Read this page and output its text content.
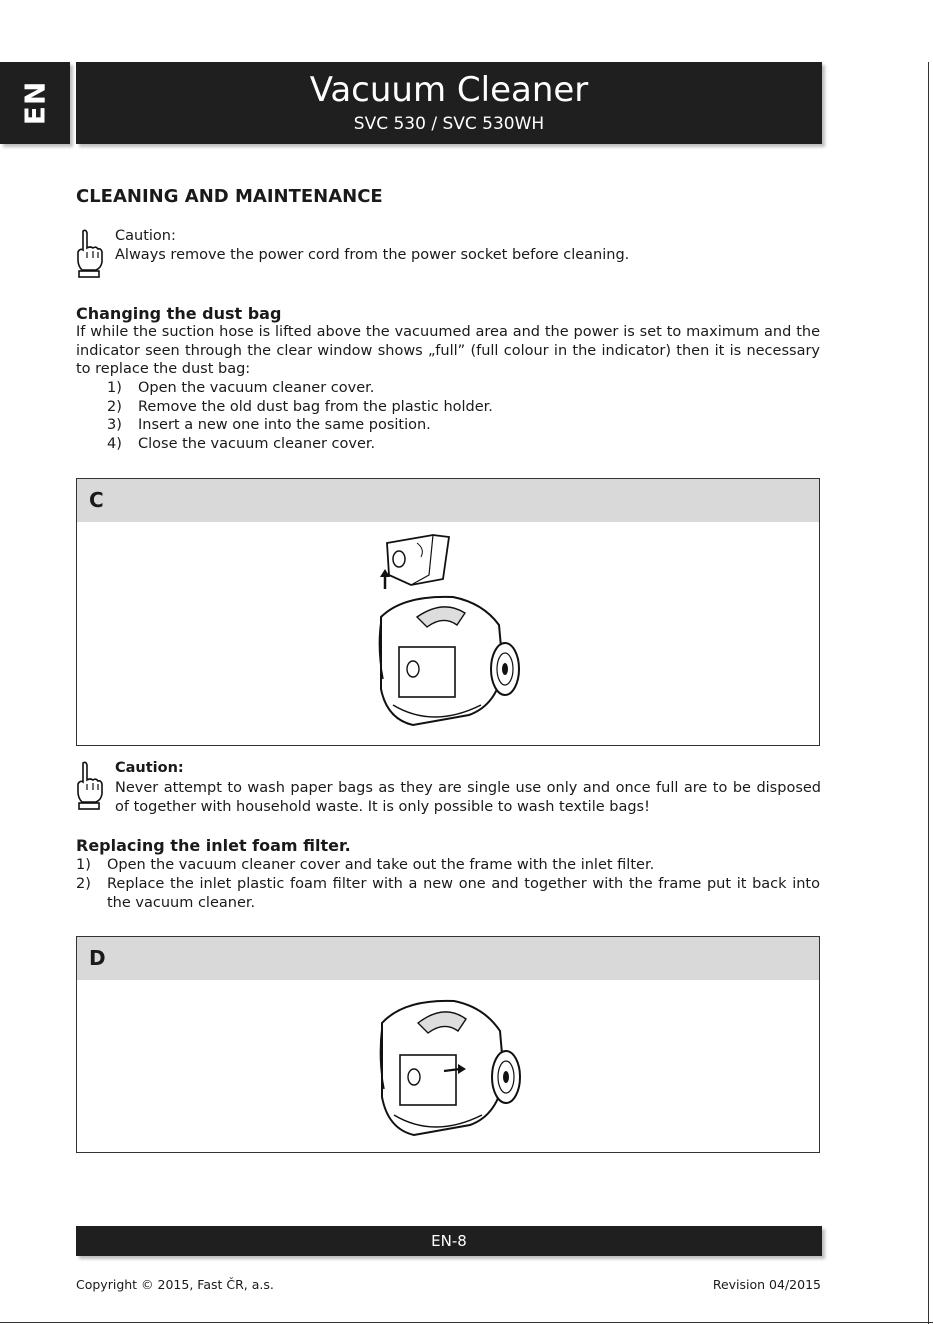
EN	Vacuum Cleaner
SVC 530 / SVC 530WH
CLEANING AND MAINTENANCE
Caution:
Always remove the power cord from the power socket before cleaning.
Changing the dust bag
If while the suction hose is lifted above the vacuumed area and the power is set to maximum and the indicator seen through the clear window shows „full” (full colour in the indicator) then it is necessary to replace the dust bag:
1) Open the vacuum cleaner cover.
2) Remove the old dust bag from the plastic holder.
3) Insert a new one into the same position.
4) Close the vacuum cleaner cover.
C
Caution:
Never attempt to wash paper bags as they are single use only and once full are to be disposed of together with household waste. It is only possible to wash textile bags!
Replacing the inlet foam filter.
1) Open the vacuum cleaner cover and take out the frame with the inlet filter.
2) Replace the inlet plastic foam filter with a new one and together with the frame put it back into the vacuum cleaner.
D
EN-8
Copyright © 2015, Fast ČR, a.s.	Revision 04/2015
